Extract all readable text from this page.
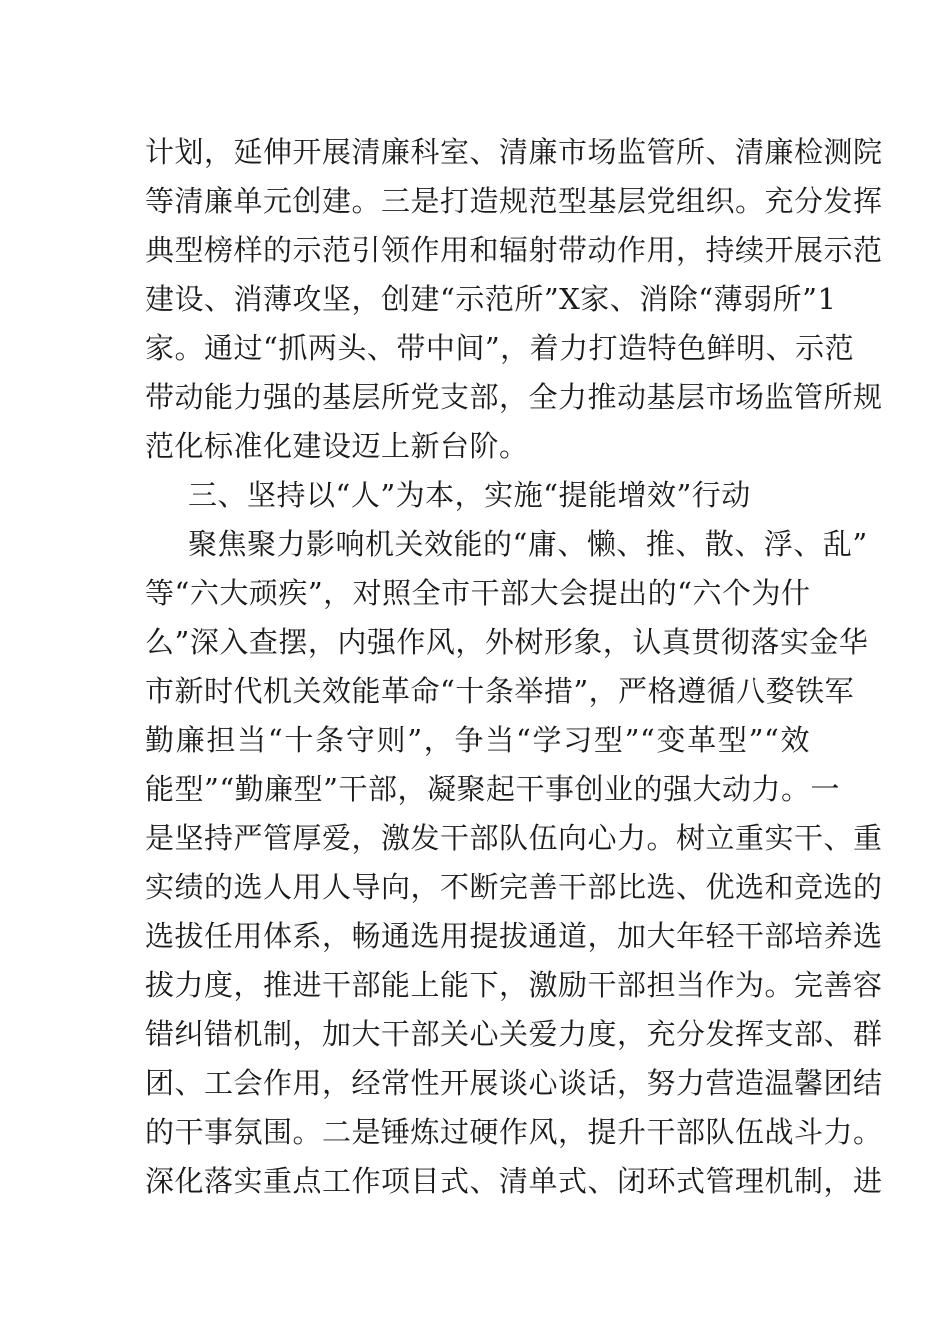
计划，延伸开展清廉科室、清廉市场监管所、清廉检测院
等清廉单元创建。三是打造规范型基层党组织。充分发挥
典型榜样的示范引领作用和辐射带动作用，持续开展示范
建设、消薄攻坚，创建“示范所”X家、消除“薄弱所”1
家。通过“抓两头、带中间”，着力打造特色鲜明、示范
带动能力强的基层所党支部，全力推动基层市场监管所规
范化标准化建设迈上新台阶。
三、坚持以“人”为本，实施“提能增效”行动
聚焦聚力影响机关效能的“庸、懒、推、散、浮、乱”
等“六大顽疾”，对照全市干部大会提出的“六个为什
么”深入查摆，内强作风，外树形象，认真贯彻落实金华
市新时代机关效能革命“十条举措”，严格遵循八婺铁军
勤廉担当“十条守则”，争当“学习型”“变革型”“效
能型”“勤廉型”干部，凝聚起干事创业的强大动力。一
是坚持严管厚爱，激发干部队伍向心力。树立重实干、重
实绩的选人用人导向，不断完善干部比选、优选和竞选的
选拔任用体系，畅通选用提拔通道，加大年轻干部培养选
拔力度，推进干部能上能下，激励干部担当作为。完善容
错纠错机制，加大干部关心关爱力度，充分发挥支部、群
团、工会作用，经常性开展谈心谈话，努力营造温馨团结
的干事氛围。二是锤炼过硬作风，提升干部队伍战斗力。
深化落实重点工作项目式、清单式、闭环式管理机制，进
